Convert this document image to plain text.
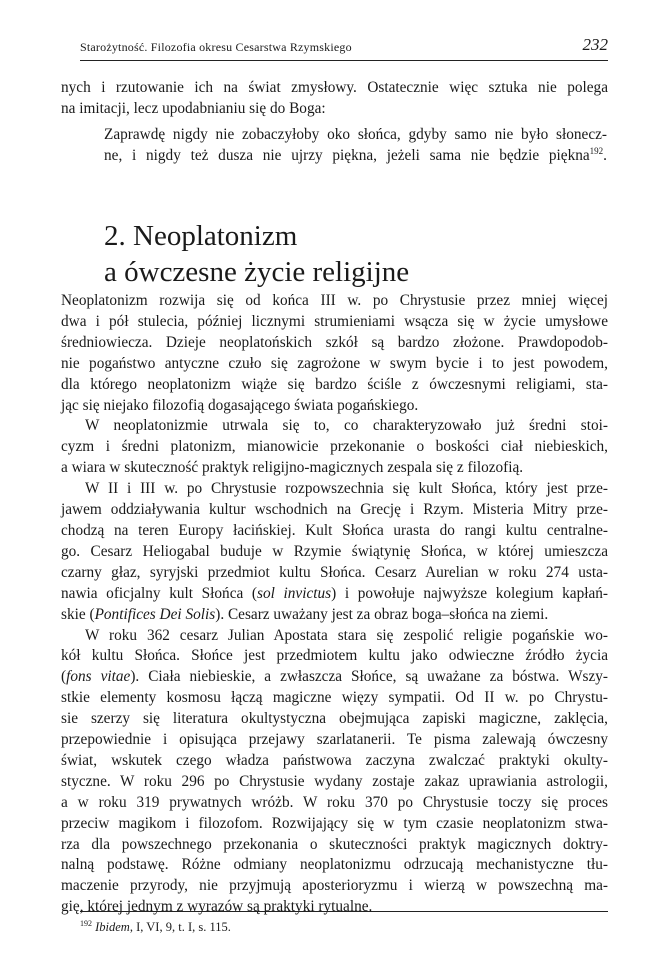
Starożytność. Filozofia okresu Cesarstwa Rzymskiego	232
nych i rzutowanie ich na świat zmysłowy. Ostatecznie więc sztuka nie polega
na imitacji, lecz upodabnianiu się do Boga:
Zaprawdę nigdy nie zobaczyłoby oko słońca, gdyby samo nie było słonecz-
ne, i nigdy też dusza nie ujrzy piękna, jeżeli sama nie będzie piękna$^{192}$.
2. Neoplatonizm
a ówczesne życie religijne
Neoplatonizm rozwija się od końca III w. po Chrystusie przez mniej więcej
dwa i pół stulecia, później licznymi strumieniami wsącza się w życie umysłowe
średniowiecza. Dzieje neoplatońskich szkół są bardzo złożone. Prawdopodob-
nie pogaństwo antyczne czuło się zagrożone w swym bycie i to jest powodem,
dla którego neoplatonizm wiąże się bardzo ściśle z ówczesnymi religiami, sta-
jąc się niejako filozofią dogasającego świata pogańskiego.
W neoplatonizmie utrwala się to, co charakteryzowało już średni stoi-
cyzm i średni platonizm, mianowicie przekonanie o boskości ciał niebieskich,
a wiara w skuteczność praktyk religijno-magicznych zespala się z filozofią.
W II i III w. po Chrystusie rozpowszechnia się kult Słońca, który jest prze-
jawem oddziaływania kultur wschodnich na Grecję i Rzym. Misteria Mitry prze-
chodzą na teren Europy łacińskiej. Kult Słońca urasta do rangi kultu centralne-
go. Cesarz Heliogabal buduje w Rzymie świątynię Słońca, w której umieszcza
czarny głaz, syryjski przedmiot kultu Słońca. Cesarz Aurelian w roku 274 usta-
nawia oficjalny kult Słońca (sol invictus) i powołuje najwyższe kolegium kapłań-
skie (Pontifices Dei Solis). Cesarz uważany jest za obraz boga–słońca na ziemi.
W roku 362 cesarz Julian Apostata stara się zespolić religie pogańskie wo-
kół kultu Słońca. Słońce jest przedmiotem kultu jako odwieczne źródło życia
(fons vitae). Ciała niebieskie, a zwłaszcza Słońce, są uważane za bóstwa. Wszy-
stkie elementy kosmosu łączą magiczne więzy sympatii. Od II w. po Chrystu-
sie szerzy się literatura okultystyczna obejmująca zapiski magiczne, zaklęcia,
przepowiednie i opisująca przejawy szarlatanerii. Te pisma zalewają ówczesny
świat, wskutek czego władza państwowa zaczyna zwalczać praktyki okulty-
styczne. W roku 296 po Chrystusie wydany zostaje zakaz uprawiania astrologii,
a w roku 319 prywatnych wróżb. W roku 370 po Chrystusie toczy się proces
przeciw magikom i filozofom. Rozwijający się w tym czasie neoplatonizm stwa-
rza dla powszechnego przekonania o skuteczności praktyk magicznych doktry-
nalną podstawę. Różne odmiany neoplatonizmu odrzucają mechanistyczne tłu-
maczenie przyrody, nie przyjmują aposterioryzmu i wierzą w powszechną ma-
gię, której jednym z wyrazów są praktyki rytualne.
$^{192}$ Ibidem, I, VI, 9, t. I, s. 115.
